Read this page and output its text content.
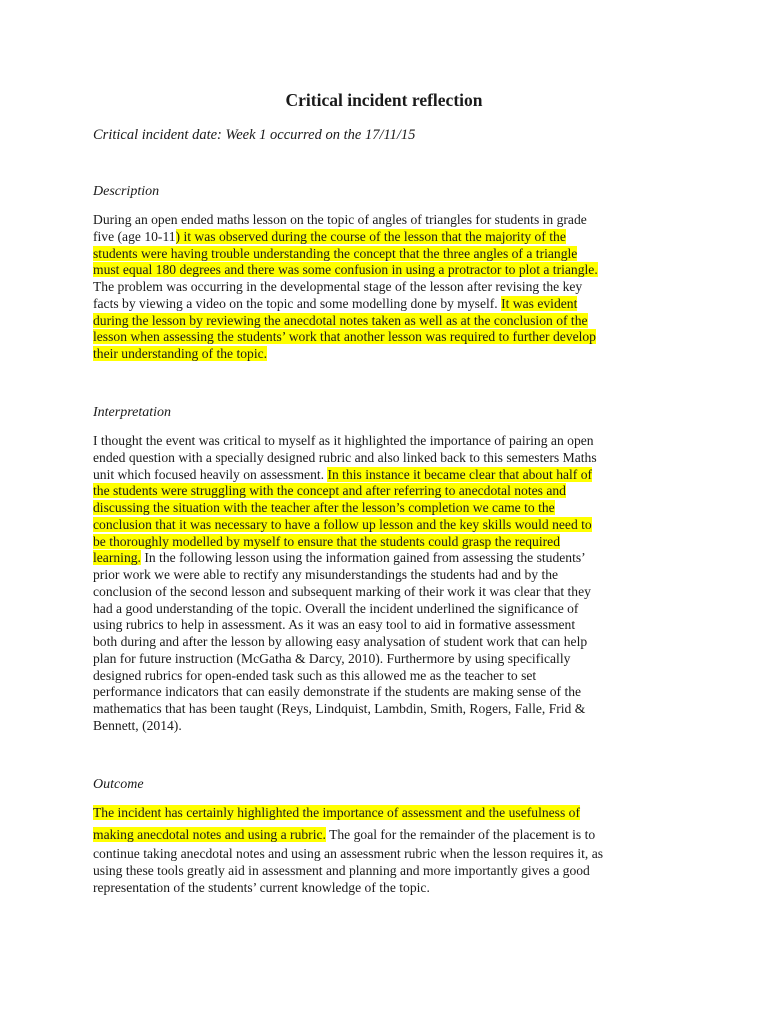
Critical incident reflection

Critical incident date: Week 1 occurred on the 17/11/15

Description

During an open ended maths lesson on the topic of angles of triangles for students in grade
five (age 10-11) it was observed during the course of the lesson that the majority of the
students were having trouble understanding the concept that the three angles of a triangle
must equal 180 degrees and there was some confusion in using a protractor to plot a triangle.
The problem was occurring in the developmental stage of the lesson after revising the key
facts by viewing a video on the topic and some modelling done by myself. It was evident
during the lesson by reviewing the anecdotal notes taken as well as at the conclusion of the
lesson when assessing the students’ work that another lesson was required to further develop
their understanding of the topic.

Interpretation

I thought the event was critical to myself as it highlighted the importance of pairing an open
ended question with a specially designed rubric and also linked back to this semesters Maths
unit which focused heavily on assessment. In this instance it became clear that about half of
the students were struggling with the concept and after referring to anecdotal notes and
discussing the situation with the teacher after the lesson’s completion we came to the
conclusion that it was necessary to have a follow up lesson and the key skills would need to
be thoroughly modelled by myself to ensure that the students could grasp the required
learning. In the following lesson using the information gained from assessing the students’
prior work we were able to rectify any misunderstandings the students had and by the
conclusion of the second lesson and subsequent marking of their work it was clear that they
had a good understanding of the topic. Overall the incident underlined the significance of
using rubrics to help in assessment. As it was an easy tool to aid in formative assessment
both during and after the lesson by allowing easy analysation of student work that can help
plan for future instruction (McGatha & Darcy, 2010). Furthermore by using specifically
designed rubrics for open-ended task such as this allowed me as the teacher to set
performance indicators that can easily demonstrate if the students are making sense of the
mathematics that has been taught (Reys, Lindquist, Lambdin, Smith, Rogers, Falle, Frid &
Bennett, (2014).

Outcome

The incident has certainly highlighted the importance of assessment and the usefulness of
making anecdotal notes and using a rubric. The goal for the remainder of the placement is to
continue taking anecdotal notes and using an assessment rubric when the lesson requires it, as
using these tools greatly aid in assessment and planning and more importantly gives a good
representation of the students’ current knowledge of the topic.
